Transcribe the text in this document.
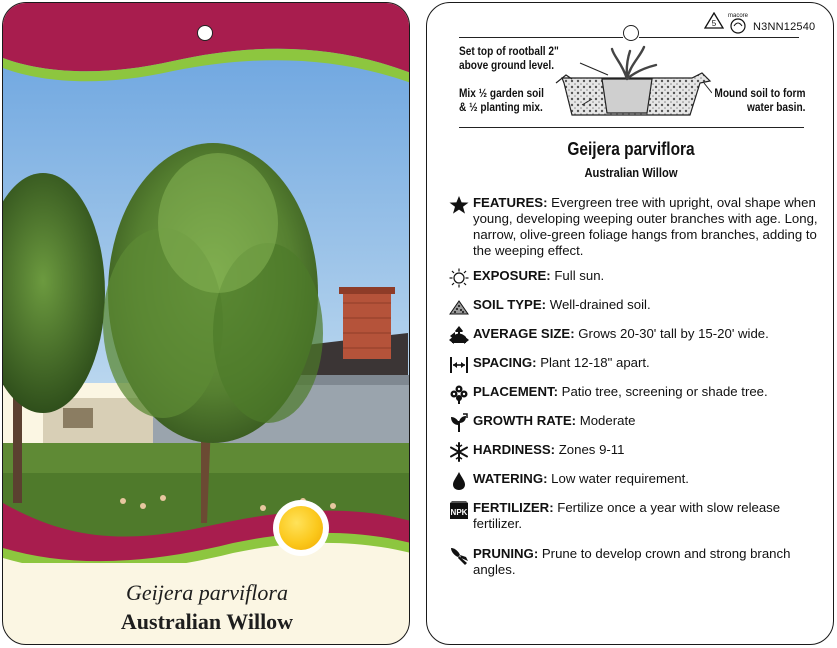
Geijera parviflora
Australian Willow
5
macore
N3NN12540
Set top of rootball 2"
above ground level.
Mix ½ garden soil
& ½ planting mix.
Mound soil to form
water basin.
Geijera parviflora
Australian Willow
FEATURES: Evergreen tree with upright, oval shape when young, developing weeping outer branches with age. Long, narrow, olive-green foliage hangs from branches, adding to the weeping effect.
EXPOSURE: Full sun.
SOIL TYPE: Well-drained soil.
AVERAGE SIZE: Grows 20-30' tall by 15-20' wide.
SPACING: Plant 12-18" apart.
PLACEMENT: Patio tree, screening or shade tree.
GROWTH RATE: Moderate
HARDINESS: Zones 9-11
WATERING: Low water requirement.
NPK FERTILIZER: Fertilize once a year with slow release fertilizer.
PRUNING: Prune to develop crown and strong branch angles.
